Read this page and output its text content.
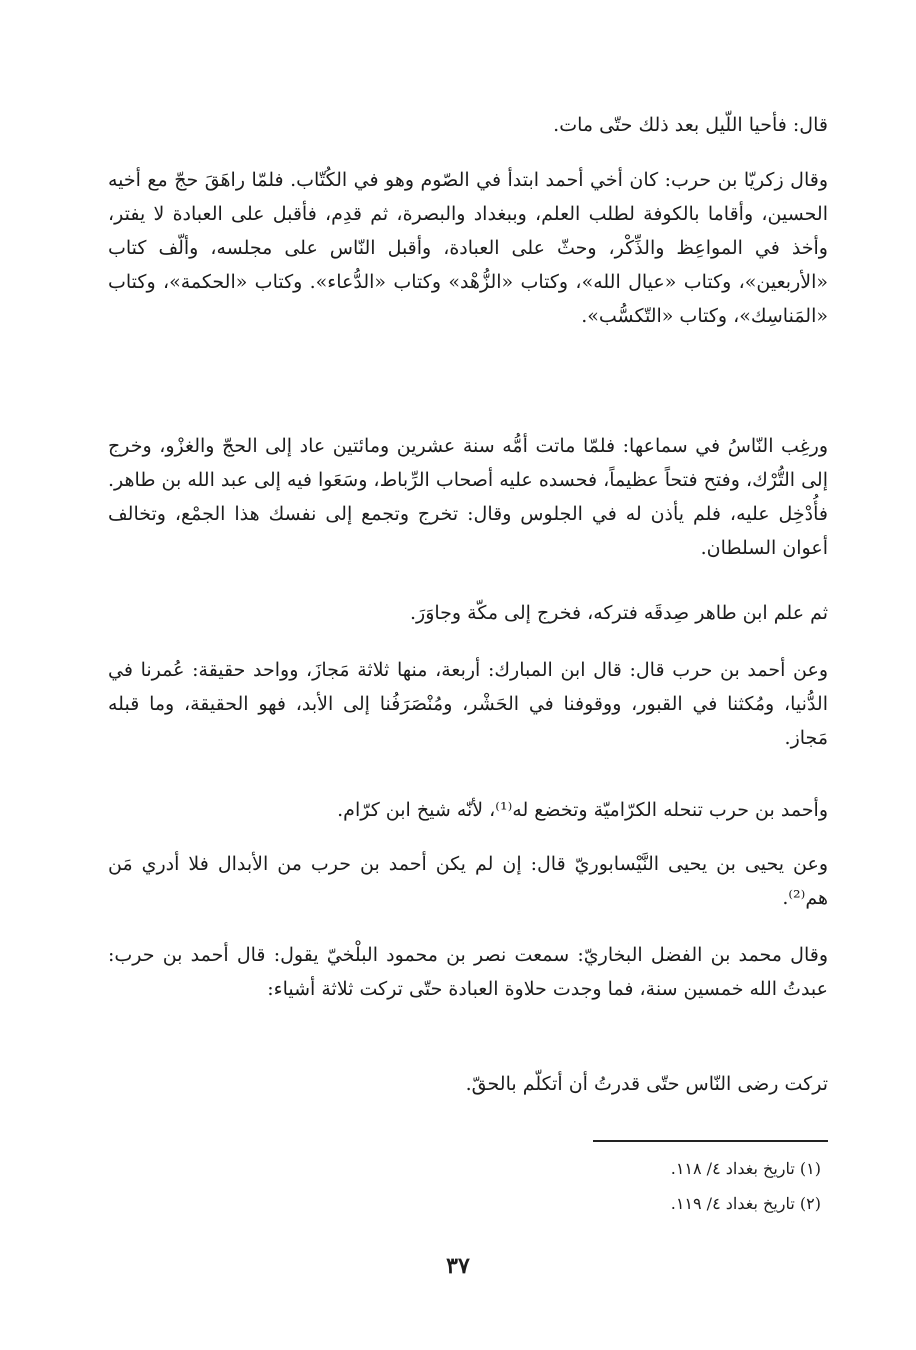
قال: فأحيا اللّيل بعد ذلك حتّى مات.

وقال زكريّا بن حرب: كان أخي أحمد ابتدأ في الصّوم وهو في الكُتّاب. فلمّا راهَقَ حجّ مع أخيه الحسين، وأقاما بالكوفة لطلب العلم، وببغداد والبصرة، ثم قدِم، فأقبل على العبادة لا يفتر، وأخذ في المواعِظ والذِّكْر، وحثّ على العبادة، وأقبل النّاس على مجلسه، وألّف كتاب «الأربعين»، وكتاب «عيال الله»، وكتاب «الزُّهْد» وكتاب «الدُّعاء». وكتاب «الحكمة»، وكتاب «المَناسِك»، وكتاب «التّكسُّب».

ورغِب النّاسُ في سماعها: فلمّا ماتت أمُّه سنة عشرين ومائتين عاد إلى الحجّ والغزْو، وخرج إلى التُّرْك، وفتح فتحاً عظيماً، فحسده عليه أصحاب الرِّباط، وسَعَوا فيه إلى عبد الله بن طاهر. فأُدْخِل عليه، فلم يأذن له في الجلوس وقال: تخرج وتجمع إلى نفسك هذا الجمْع، وتخالف أعوان السلطان.

ثم علم ابن طاهر صِدقَه فتركه، فخرج إلى مكّة وجاوَرَ.

وعن أحمد بن حرب قال: قال ابن المبارك: أربعة، منها ثلاثة مَجازَ، وواحد حقيقة: عُمرنا في الدُّنيا، ومُكثنا في القبور، ووقوفنا في الحَشْر، ومُنْصَرَفُنا إلى الأبد، فهو الحقيقة، وما قبله مَجاز.

وأحمد بن حرب تنحله الكرّاميّة وتخضع له⁽¹⁾، لأنّه شيخ ابن كرّام.

وعن يحيى بن يحيى النَّيْسابوريّ قال: إن لم يكن أحمد بن حرب من الأبدال فلا أدري مَن هم⁽²⁾.

وقال محمد بن الفضل البخاريّ: سمعت نصر بن محمود البلْخيّ يقول: قال أحمد بن حرب: عبدتُ الله خمسين سنة، فما وجدت حلاوة العبادة حتّى تركت ثلاثة أشياء:

تركت رضى النّاس حتّى قدرتُ أن أتكلّم بالحقّ.

(١) تاريخ بغداد ٤/ ١١٨.

(٢) تاريخ بغداد ٤/ ١١٩.

٣٧
